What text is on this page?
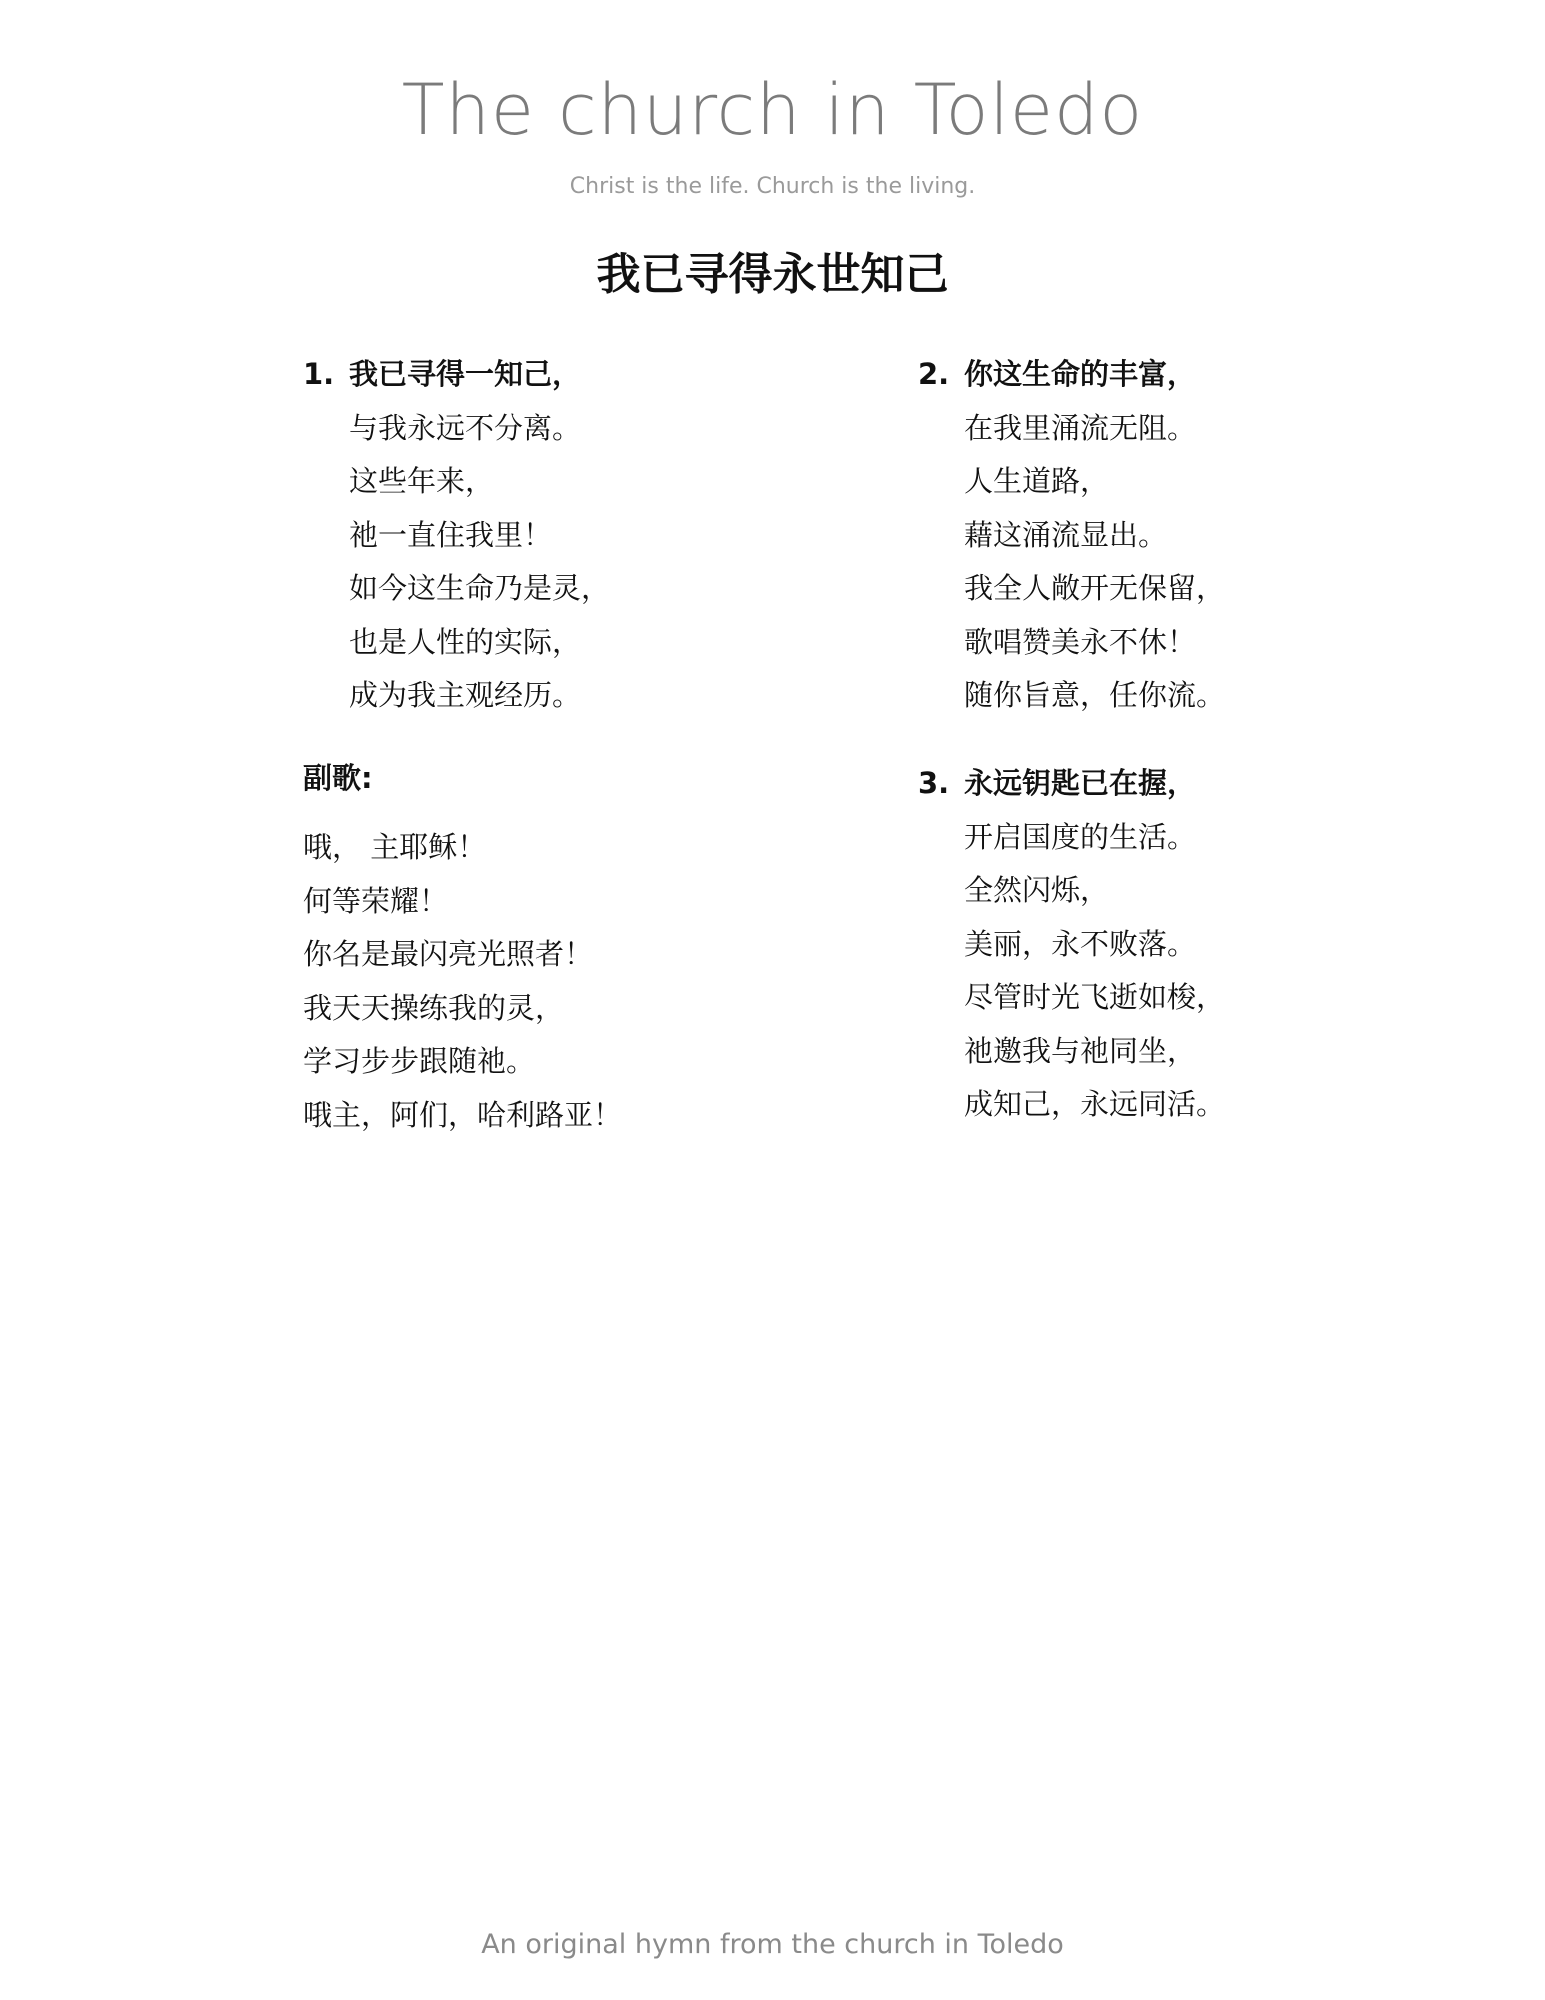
The church in Toledo
Christ is the life. Church is the living.
我已寻得永世知己
1. 我已寻得一知己，
与我永远不分离。
这些年来，
祂一直住我里！
如今这生命乃是灵，
也是人性的实际，
成为我主观经历。
2. 你这生命的丰富，
在我里涌流无阻。
人生道路，
藉这涌流显出。
我全人敞开无保留，
歌唱赞美永不休！
随你旨意，任你流。
副歌:
哦， 主耶稣！
何等荣耀！
你名是最闪亮光照者！
我天天操练我的灵，
学习步步跟随祂。
哦主，阿们，哈利路亚！
3. 永远钥匙已在握，
开启国度的生活。
全然闪烁，
美丽，永不败落。
尽管时光飞逝如梭，
祂邀我与祂同坐，
成知己，永远同活。
An original hymn from the church in Toledo
